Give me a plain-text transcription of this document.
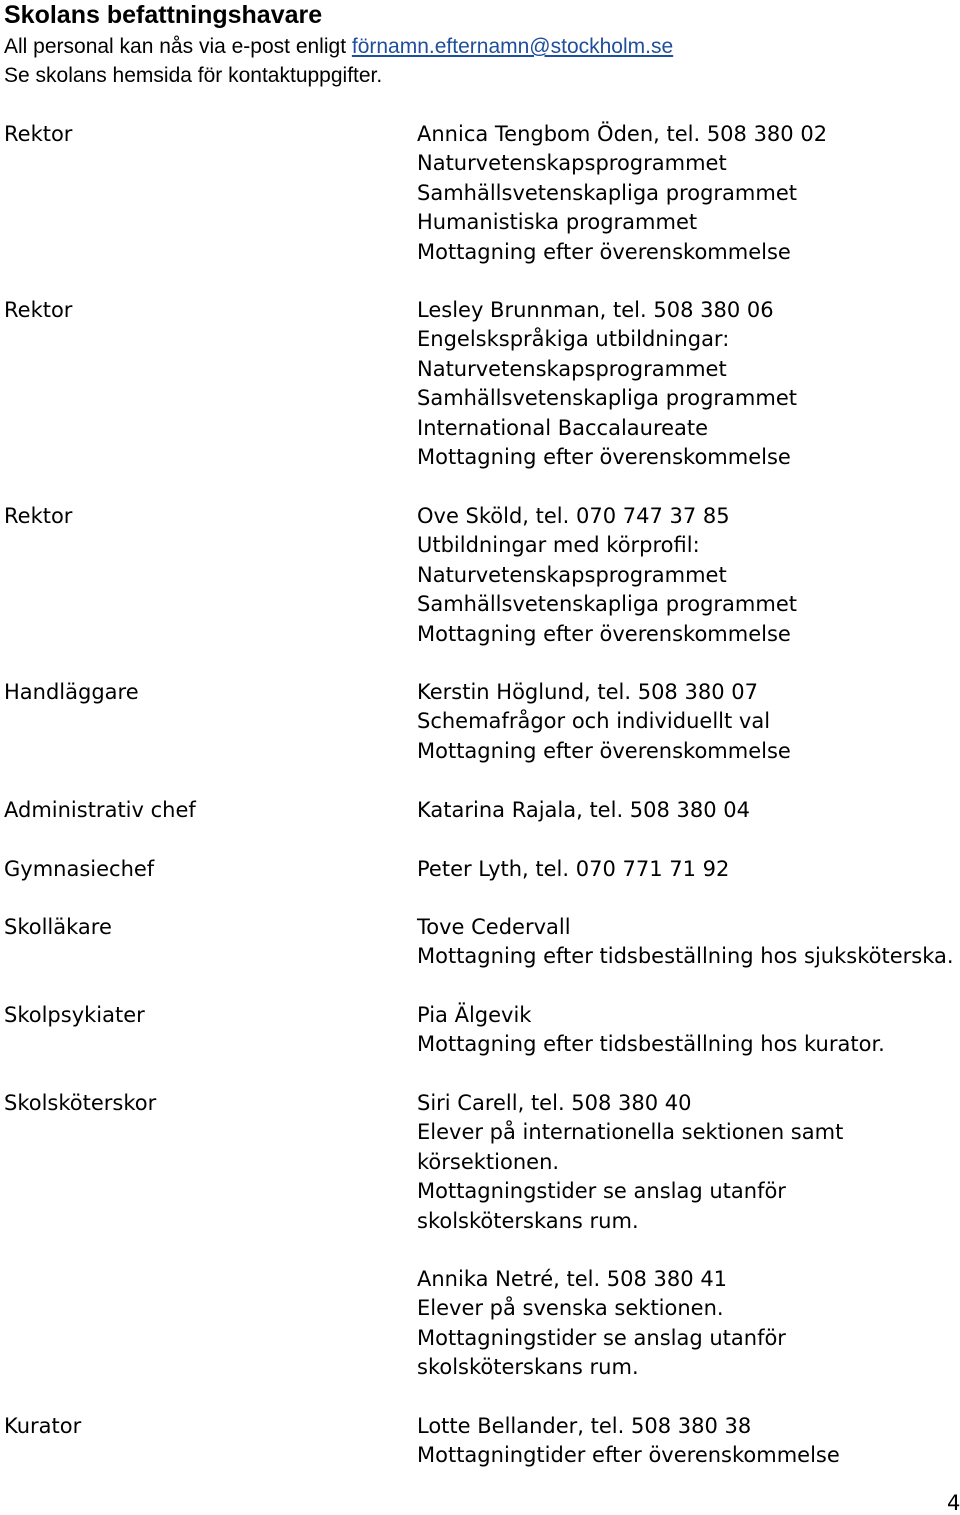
Skolans befattningshavare
All personal kan nås via e-post enligt förnamn.efternamn@stockholm.se
Se skolans hemsida för kontaktuppgifter.
Rektor	Annica Tengbom Öden, tel. 508 380 02
Naturvetenskapsprogrammet
Samhällsvetenskapliga programmet
Humanistiska programmet
Mottagning efter överenskommelse
Rektor	Lesley Brunnman, tel. 508 380 06
Engelskspråkiga utbildningar:
Naturvetenskapsprogrammet
Samhällsvetenskapliga programmet
International Baccalaureate
Mottagning efter överenskommelse
Rektor	Ove Sköld, tel. 070 747 37 85
Utbildningar med körprofil:
Naturvetenskapsprogrammet
Samhällsvetenskapliga programmet
Mottagning efter överenskommelse
Handläggare	Kerstin Höglund, tel. 508 380 07
Schemafrågor och individuellt val
Mottagning efter överenskommelse
Administrativ chef	Katarina Rajala, tel. 508 380 04
Gymnasiechef	Peter Lyth, tel. 070 771 71 92
Skolläkare	Tove Cedervall
Mottagning efter tidsbeställning hos sjuksköterska.
Skolpsykiater	Pia Älgevik
Mottagning efter tidsbeställning hos kurator.
Skolsköterskor	Siri Carell, tel. 508 380 40
Elever på internationella sektionen samt körsektionen.
Mottagningstider se anslag utanför skolsköterskans rum.
Annika Netré, tel. 508 380 41
Elever på svenska sektionen.
Mottagningstider se anslag utanför skolsköterskans rum.
Kurator	Lotte Bellander, tel. 508 380 38
Mottagningtider efter överenskommelse
4
